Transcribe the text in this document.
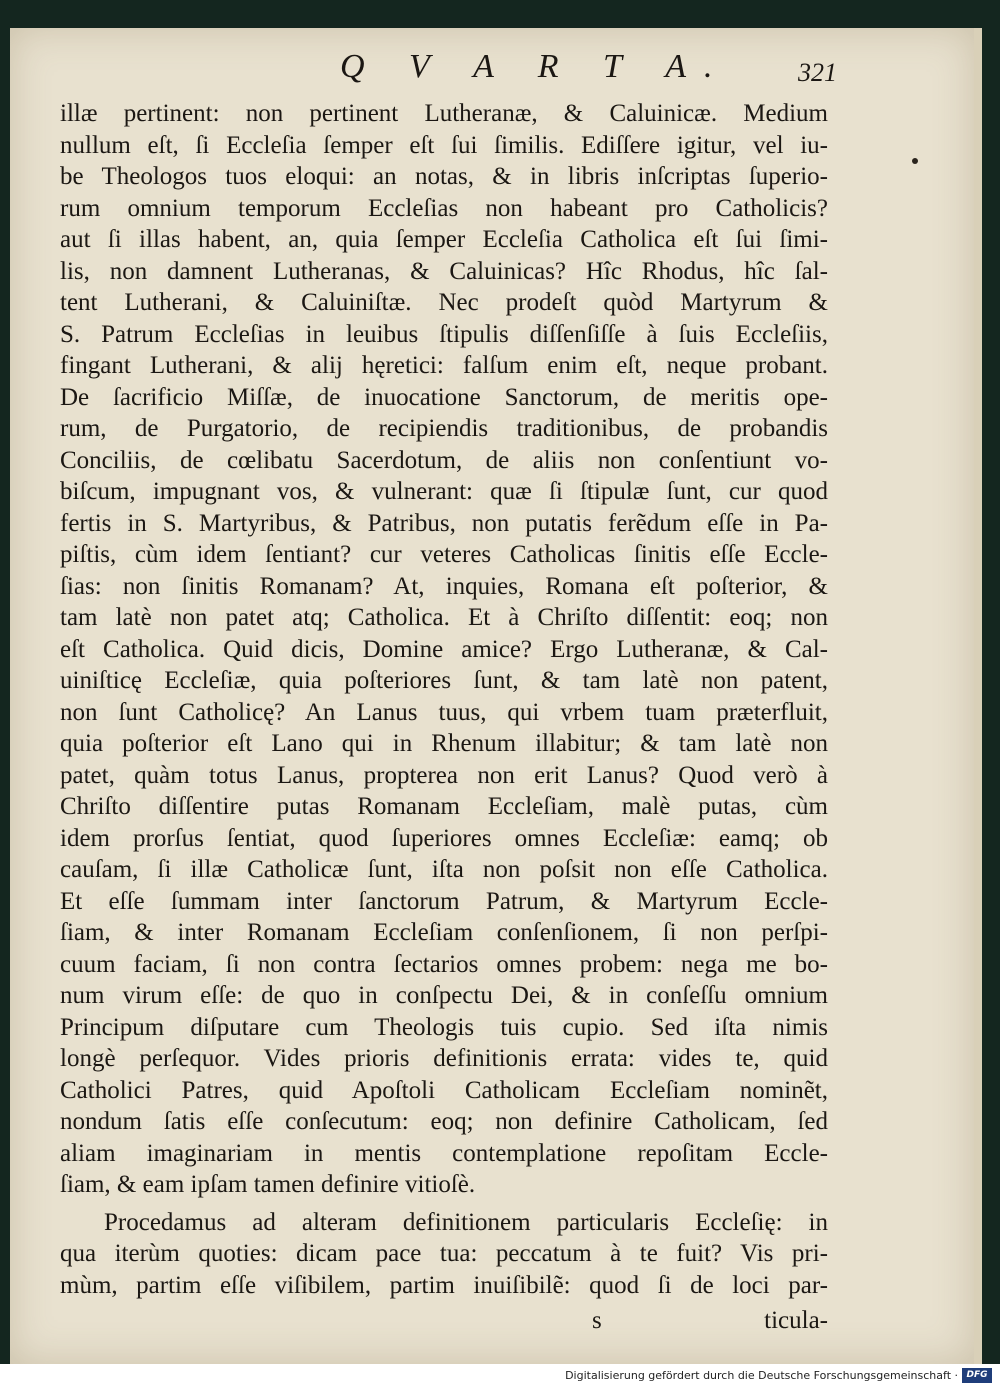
Q V A R T A.	321
illæ pertinent: non pertinent Lutheranæ, & Caluinicæ. Medium
nullum eſt, ſi Eccleſia ſemper eſt ſui ſimilis. Ediſſere igitur, vel iu-
be Theologos tuos eloqui: an notas, & in libris inſcriptas ſuperio-
rum omnium temporum Eccleſias non habeant pro Catholicis?
aut ſi illas habent, an, quia ſemper Eccleſia Catholica eſt ſui ſimi-
lis, non damnent Lutheranas, & Caluinicas? Hîc Rhodus, hîc ſal-
tent Lutherani, & Caluiniſtæ. Nec prodeſt quòd Martyrum &
S. Patrum Eccleſias in leuibus ſtipulis diſſenſiſſe à ſuis Eccleſiis,
fingant Lutherani, & alij hęretici: falſum enim eſt, neque probant.
De ſacrificio Miſſæ, de inuocatione Sanctorum, de meritis ope-
rum, de Purgatorio, de recipiendis traditionibus, de probandis
Conciliis, de cœlibatu Sacerdotum, de aliis non conſentiunt vo-
biſcum, impugnant vos, & vulnerant: quæ ſi ſtipulæ ſunt, cur quod
fertis in S. Martyribus, & Patribus, non putatis ferẽdum eſſe in Pa-
piſtis, cùm idem ſentiant? cur veteres Catholicas ſinitis eſſe Eccle-
ſias: non ſinitis Romanam? At, inquies, Romana eſt poſterior, &
tam latè non patet atq; Catholica. Et à Chriſto diſſentit: eoq; non
eſt Catholica. Quid dicis, Domine amice? Ergo Lutheranæ, & Cal-
uiniſticę Eccleſiæ, quia poſteriores ſunt, & tam latè non patent,
non ſunt Catholicę? An Lanus tuus, qui vrbem tuam præterfluit,
quia poſterior eſt Lano qui in Rhenum illabitur; & tam latè non
patet, quàm totus Lanus, propterea non erit Lanus? Quod verò à
Chriſto diſſentire putas Romanam Eccleſiam, malè putas, cùm
idem prorſus ſentiat, quod ſuperiores omnes Eccleſiæ: eamq; ob
cauſam, ſi illæ Catholicæ ſunt, iſta non poſsit non eſſe Catholica.
Et eſſe ſummam inter ſanctorum Patrum, & Martyrum Eccle-
ſiam, & inter Romanam Eccleſiam conſenſionem, ſi non perſpi-
cuum faciam, ſi non contra ſectarios omnes probem: nega me bo-
num virum eſſe: de quo in conſpectu Dei, & in conſeſſu omnium
Principum diſputare cum Theologis tuis cupio. Sed iſta nimis
longè perſequor. Vides prioris definitionis errata: vides te, quid
Catholici Patres, quid Apoſtoli Catholicam Eccleſiam nominẽt,
nondum ſatis eſſe conſecutum: eoq; non definire Catholicam, ſed
aliam imaginariam in mentis contemplatione repoſitam Eccle-
ſiam, & eam ipſam tamen definire vitioſè.
Procedamus ad alteram definitionem particularis Eccleſię: in
qua iterùm quoties: dicam pace tua: peccatum à te fuit? Vis pri-
mùm, partim eſſe viſibilem, partim inuiſibilẽ: quod ſi de loci par-
s	ticula-
Digitalisierung gefördert durch die Deutsche Forschungsgemeinschaft · DFG
